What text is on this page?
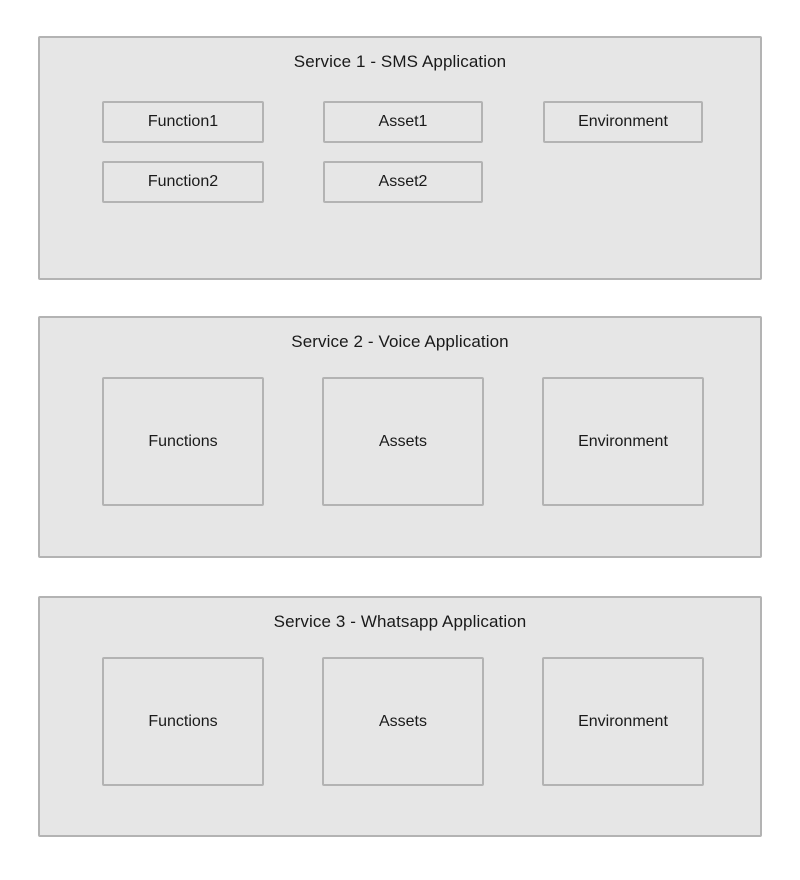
Service 1 - SMS Application
Function1	Asset1	Environment
Function2	Asset2
Service 2 - Voice Application
Functions	Assets	Environment
Service 3 - Whatsapp Application
Functions	Assets	Environment
